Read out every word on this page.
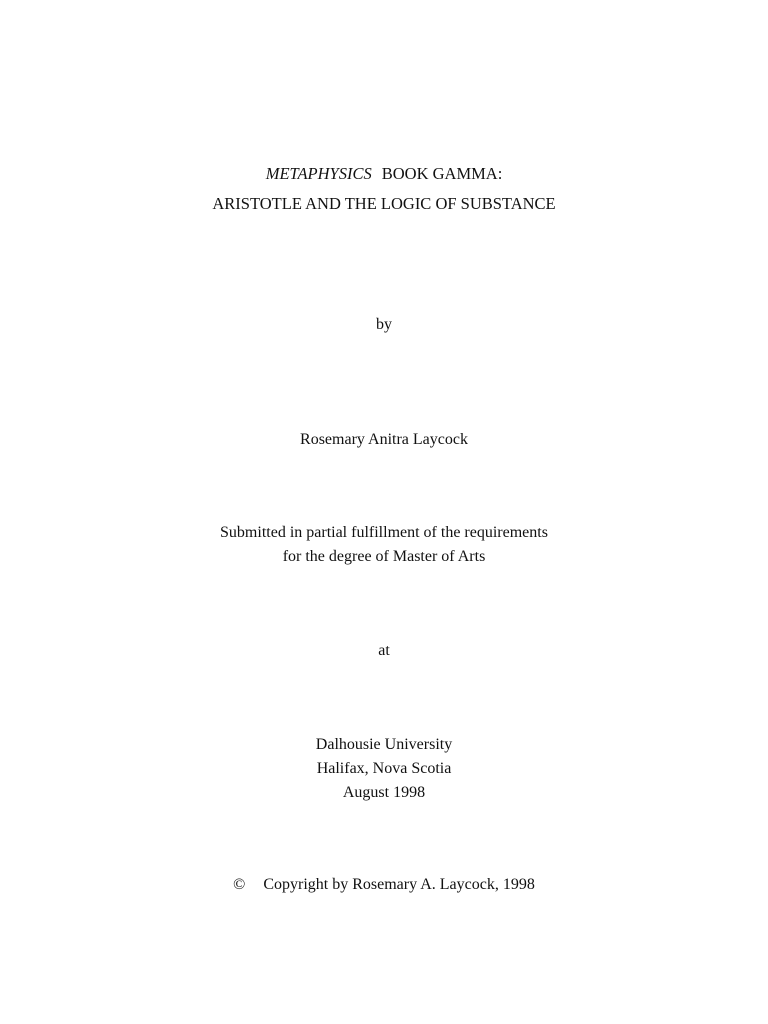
METAPHYSICS BOOK GAMMA:
ARISTOTLE AND THE LOGIC OF SUBSTANCE
by
Rosemary Anitra Laycock
Submitted in partial fulfillment of the requirements
for the degree of Master of Arts
at
Dalhousie University
Halifax, Nova Scotia
August 1998
© Copyright by Rosemary A. Laycock, 1998
